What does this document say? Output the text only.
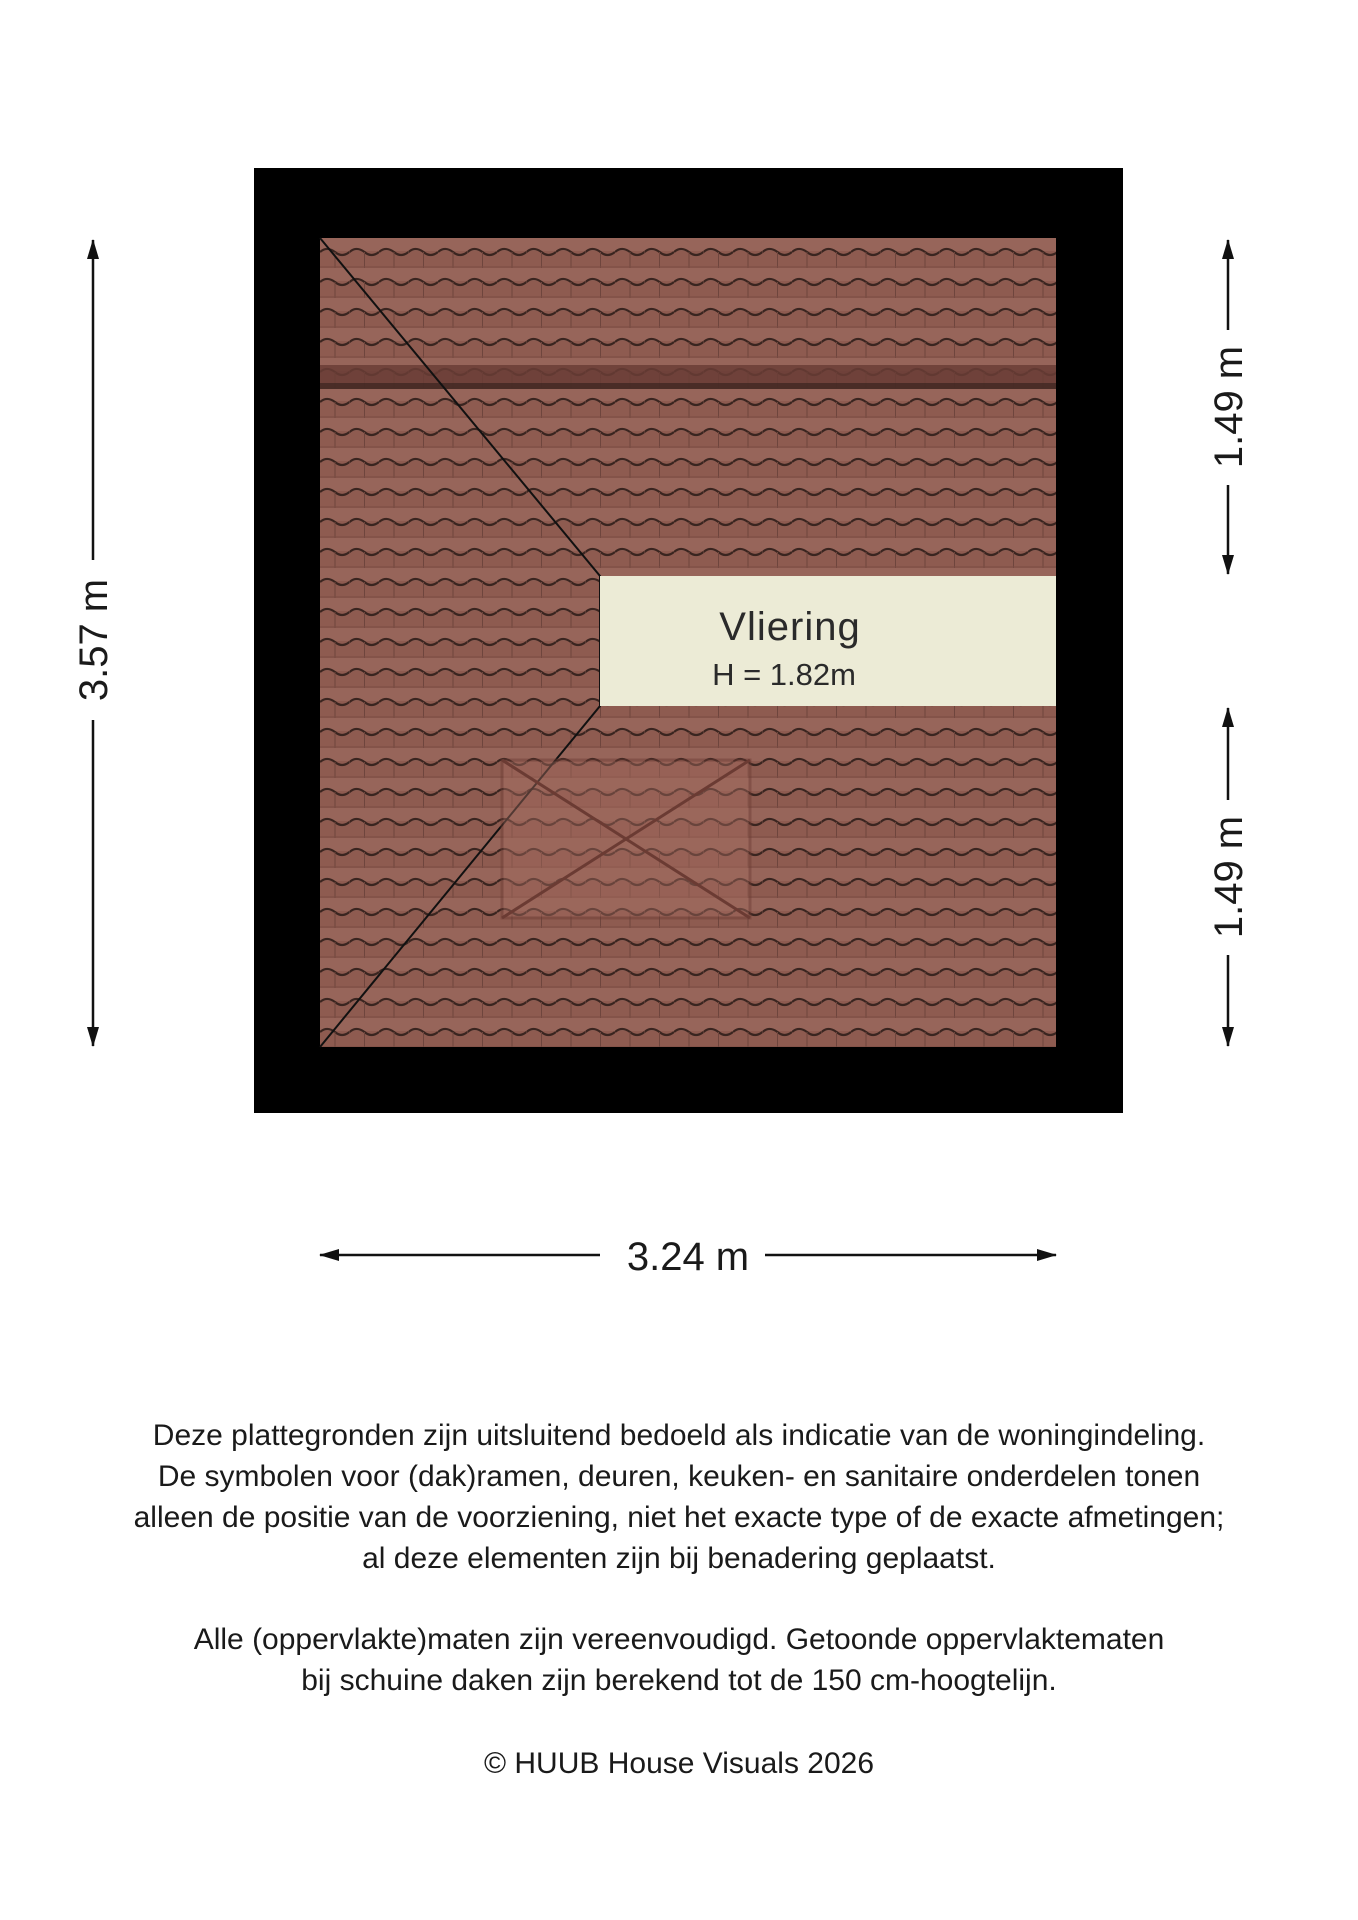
Vliering
H = 1.82m
3.57 m
1.49 m
1.49 m
3.24 m
Deze plattegronden zijn uitsluitend bedoeld als indicatie van de woningindeling.
De symbolen voor (dak)ramen, deuren, keuken- en sanitaire onderdelen tonen
alleen de positie van de voorziening, niet het exacte type of de exacte afmetingen;
al deze elementen zijn bij benadering geplaatst.
Alle (oppervlakte)maten zijn vereenvoudigd. Getoonde oppervlaktematen
bij schuine daken zijn berekend tot de 150 cm-hoogtelijn.
© HUUB House Visuals 2026
